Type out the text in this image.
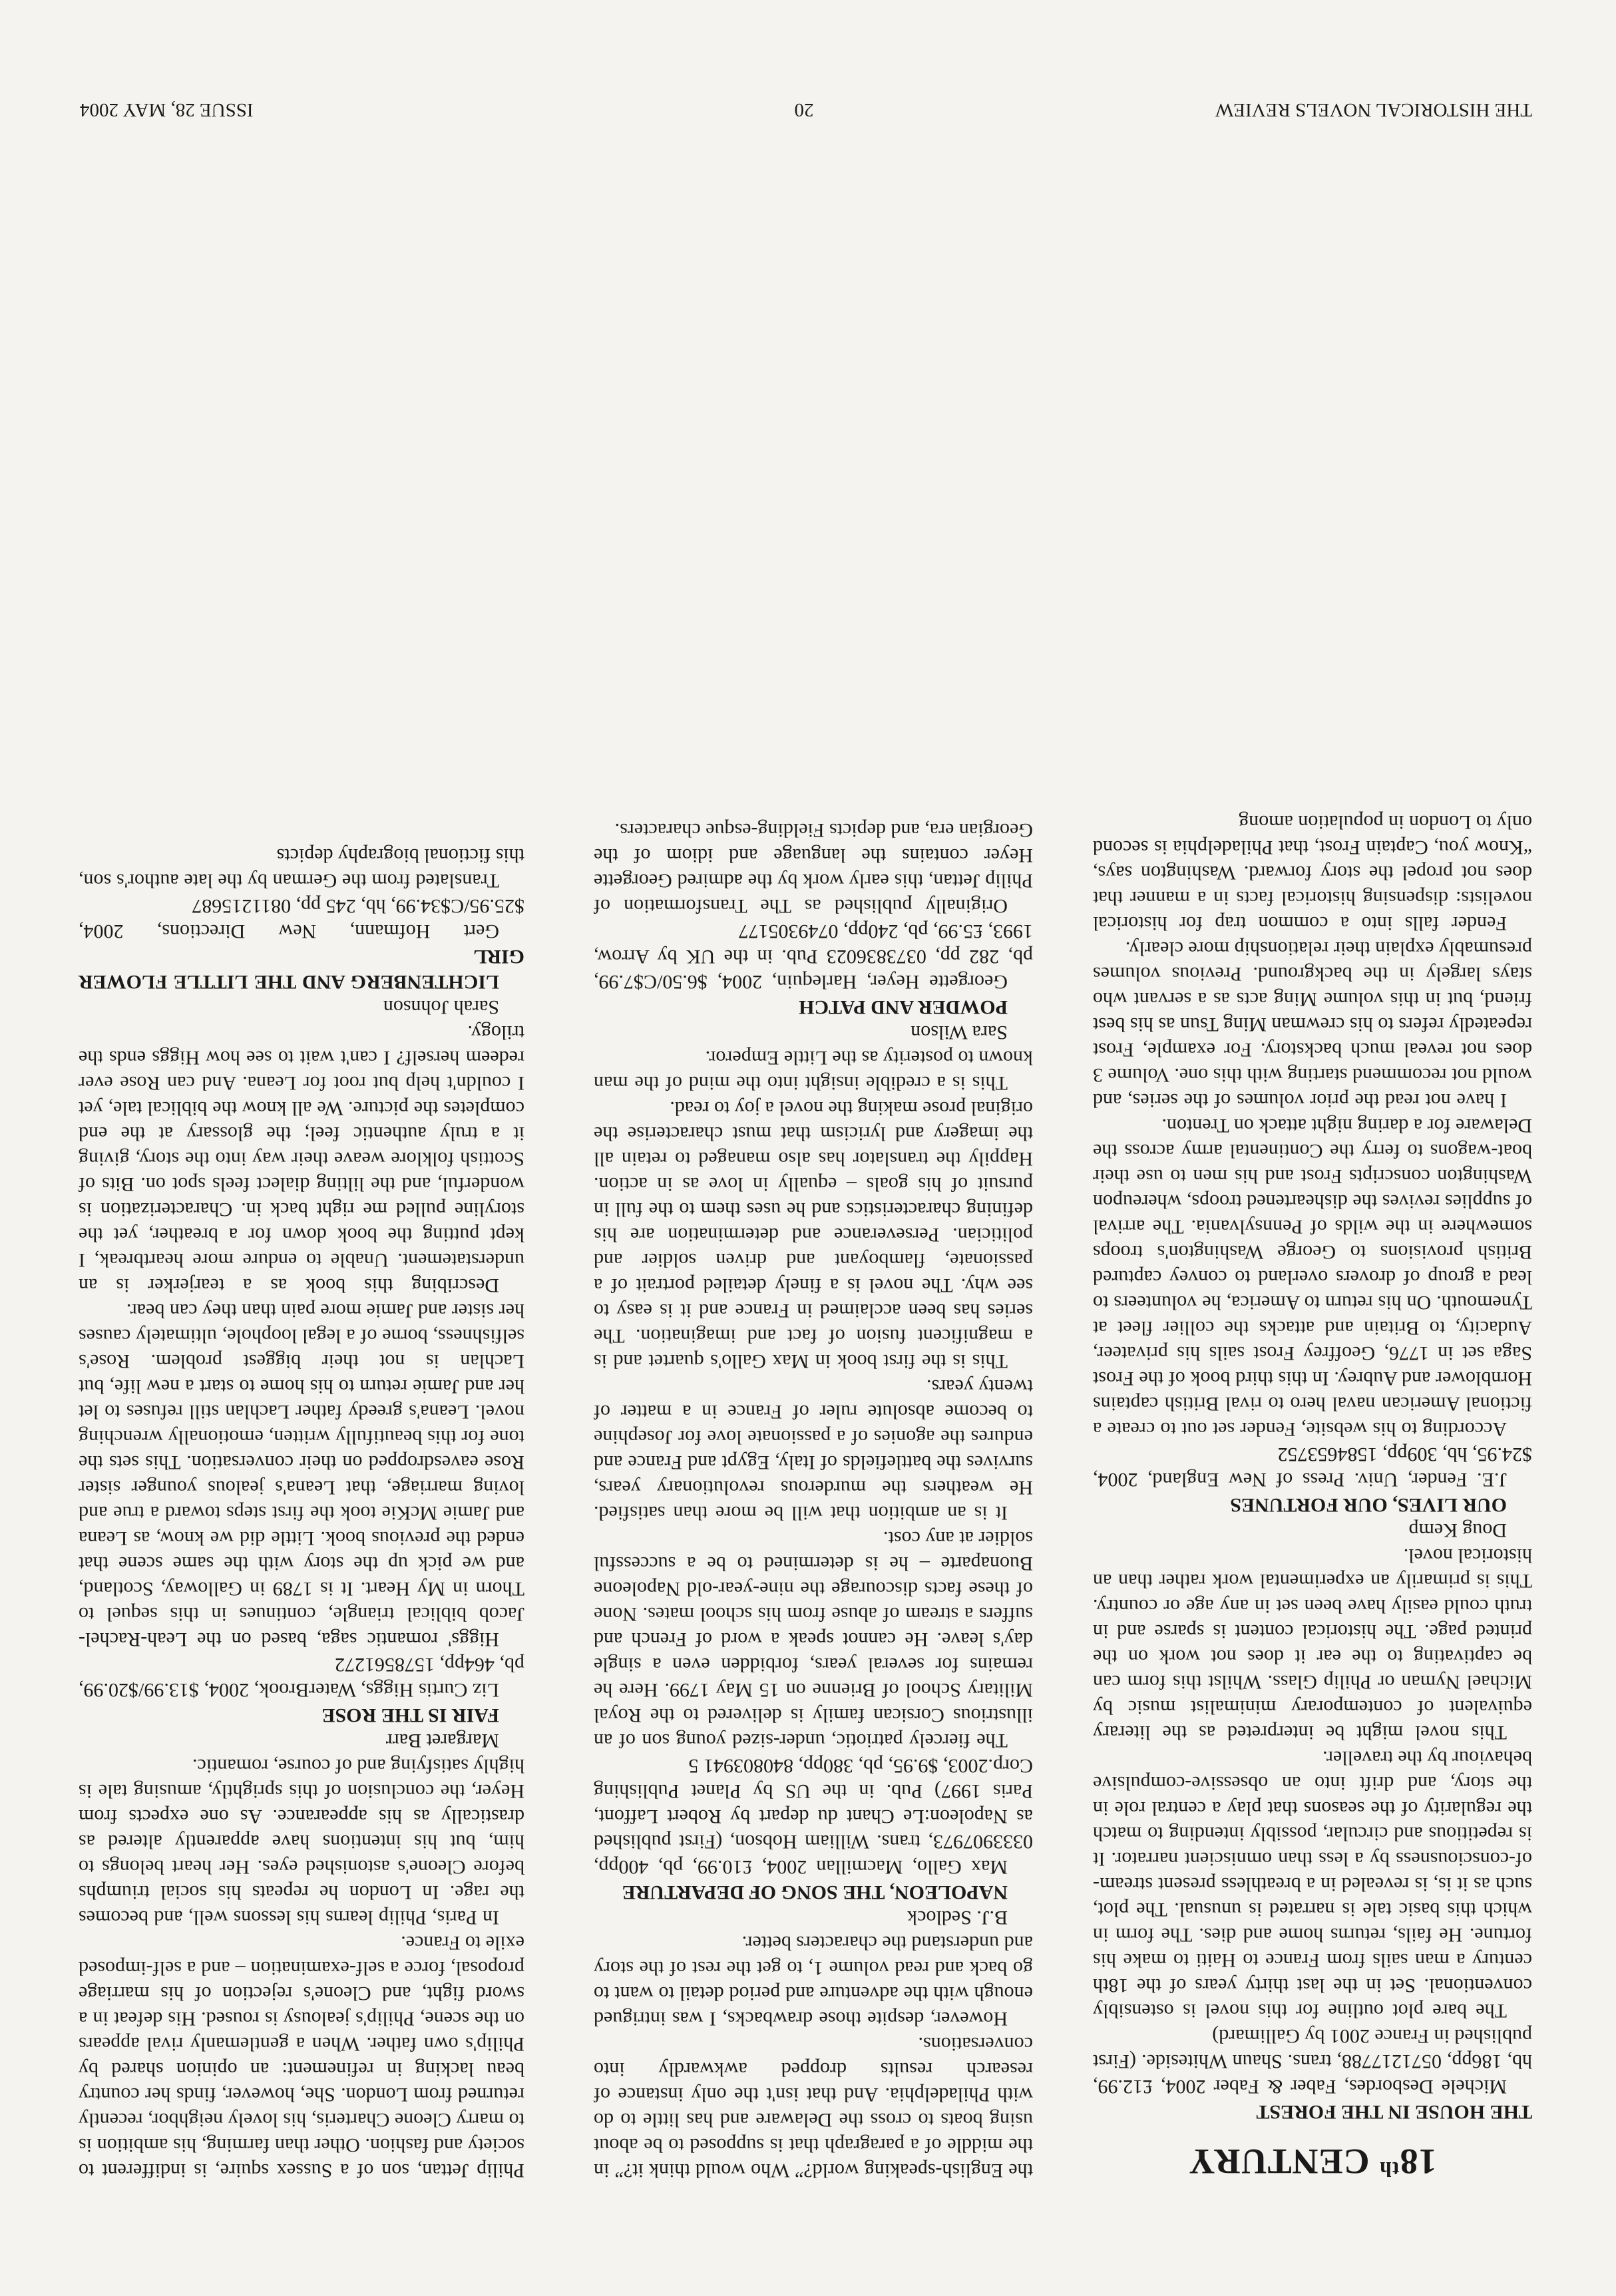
18th CENTURY

THE HOUSE IN THE FOREST

Michele Desbordes, Faber & Faber 2004, £12.99, hb, 186pp, 0571217788, trans. Shaun Whiteside. (First published in France 2001 by Gallimard)

The bare plot outline for this novel is ostensibly conventional. Set in the last thirty years of the 18th century a man sails from France to Haiti to make his fortune. He fails, returns home and dies. The form in which this basic tale is narrated is unusual. The plot, such as it is, is revealed in a breathless present stream-of-consciousness by a less than omniscient narrator. It is repetitious and circular, possibly intending to match the regularity of the seasons that play a central role in the story, and drift into an obsessive-compulsive behaviour by the traveller.

This novel might be interpreted as the literary equivalent of contemporary minimalist music by Michael Nyman or Philip Glass. Whilst this form can be captivating to the ear it does not work on the printed page. The historical content is sparse and in truth could easily have been set in any age or country. This is primarily an experimental work rather than an historical novel.

Doug Kemp

OUR LIVES, OUR FORTUNES

J.E. Fender, Univ. Press of New England, 2004, $24.95, hb, 309pp, 1584653752

According to his website, Fender set out to create a fictional American naval hero to rival British captains Hornblower and Aubrey. In this third book of the Frost Saga set in 1776, Geoffrey Frost sails his privateer, Audacity, to Britain and attacks the collier fleet at Tynemouth. On his return to America, he volunteers to lead a group of drovers overland to convey captured British provisions to George Washington's troops somewhere in the wilds of Pennsylvania. The arrival of supplies revives the disheartened troops, whereupon Washington conscripts Frost and his men to use their boat-wagons to ferry the Continental army across the Delaware for a daring night attack on Trenton.

I have not read the prior volumes of the series, and would not recommend starting with this one. Volume 3 does not reveal much backstory. For example, Frost repeatedly refers to his crewman Ming Tsun as his best friend, but in this volume Ming acts as a servant who stays largely in the background. Previous volumes presumably explain their relationship more clearly.

Fender falls into a common trap for historical novelists: dispensing historical facts in a manner that does not propel the story forward. Washington says, “Know you, Captain Frost, that Philadelphia is second only to London in population among

the English-speaking world?” Who would think it?” in the middle of a paragraph that is supposed to be about using boats to cross the Delaware and has little to do with Philadelphia. And that isn't the only instance of research results dropped awkwardly into conversations.

However, despite those drawbacks, I was intrigued enough with the adventure and period detail to want to go back and read volume 1, to get the rest of the story and understand the characters better.

B.J. Sedlock

NAPOLEON, THE SONG OF DEPARTURE

Max Gallo, Macmillan 2004, £10.99, pb, 400pp, 0333907973, trans. William Hobson, (First published as Napoleon:Le Chant du depart by Robert Laffont, Paris 1997) Pub. in the US by Planet Publishing Corp.2003, $9.95, pb, 380pp, 840803941 5

The fiercely patriotic, under-sized young son of an illustrious Corsican family is delivered to the Royal Military School of Brienne on 15 May 1799. Here he remains for several years, forbidden even a single day's leave. He cannot speak a word of French and suffers a stream of abuse from his school mates. None of these facts discourage the nine-year-old Napoleone Buonaparte – he is determined to be a successful soldier at any cost.

It is an ambition that will be more than satisfied. He weathers the murderous revolutionary years, survives the battlefields of Italy, Egypt and France and endures the agonies of a passionate love for Josephine to become absolute ruler of France in a matter of twenty years.

This is the first book in Max Gallo's quartet and is a magnificent fusion of fact and imagination. The series has been acclaimed in France and it is easy to see why. The novel is a finely detailed portrait of a passionate, flamboyant and driven soldier and politician. Perseverance and determination are his defining characteristics and he uses them to the full in pursuit of his goals – equally in love as in action. Happily the translator has also managed to retain all the imagery and lyricism that must characterise the original prose making the novel a joy to read.

This is a credible insight into the mind of the man known to posterity as the Little Emperor.

Sara Wilson

POWDER AND PATCH

Georgette Heyer, Harlequin, 2004, $6.50/C$7.99, pb, 282 pp, 0373836023 Pub. in the UK by Arrow, 1993, £5.99, pb, 240pp, 0749305177

Originally published as The Transformation of Philip Jettan, this early work by the admired Georgette Heyer contains the language and idiom of the Georgian era, and depicts Fielding-esque characters.

Philip Jettan, son of a Sussex squire, is indifferent to society and fashion. Other than farming, his ambition is to marry Cleone Charteris, his lovely neighbor, recently returned from London. She, however, finds her country beau lacking in refinement: an opinion shared by Philip's own father. When a gentlemanly rival appears on the scene, Philip's jealousy is roused. His defeat in a sword fight, and Cleone's rejection of his marriage proposal, force a self-examination – and a self-imposed exile to France.

In Paris, Philip learns his lessons well, and becomes the rage. In London he repeats his social triumphs before Cleone's astonished eyes. Her heart belongs to him, but his intentions have apparently altered as drastically as his appearance. As one expects from Heyer, the conclusion of this sprightly, amusing tale is highly satisfying and of course, romantic.

Margaret Barr

FAIR IS THE ROSE

Liz Curtis Higgs, WaterBrook, 2004, $13.99/$20.99, pb, 464pp, 1578561272

Higgs' romantic saga, based on the Leah-Rachel-Jacob biblical triangle, continues in this sequel to Thorn in My Heart. It is 1789 in Galloway, Scotland, and we pick up the story with the same scene that ended the previous book. Little did we know, as Leana and Jamie McKie took the first steps toward a true and loving marriage, that Leana's jealous younger sister Rose eavesdropped on their conversation. This sets the tone for this beautifully written, emotionally wrenching novel. Leana's greedy father Lachlan still refuses to let her and Jamie return to his home to start a new life, but Lachlan is not their biggest problem. Rose's selfishness, borne of a legal loophole, ultimately causes her sister and Jamie more pain than they can bear.

Describing this book as a tearjerker is an understatement. Unable to endure more heartbreak, I kept putting the book down for a breather, yet the storyline pulled me right back in. Characterization is wonderful, and the lilting dialect feels spot on. Bits of Scottish folklore weave their way into the story, giving it a truly authentic feel; the glossary at the end completes the picture. We all know the biblical tale, yet I couldn't help but root for Leana. And can Rose ever redeem herself? I can't wait to see how Higgs ends the trilogy.

Sarah Johnson

LICHTENBERG AND THE LITTLE FLOWER GIRL

Gert Hofmann, New Directions, 2004, $25.95/C$34.99, hb, 245 pp, 0811215687

Translated from the German by the late author's son, this fictional biography depicts

THE HISTORICAL NOVELS REVIEW
20
ISSUE 28, MAY 2004
